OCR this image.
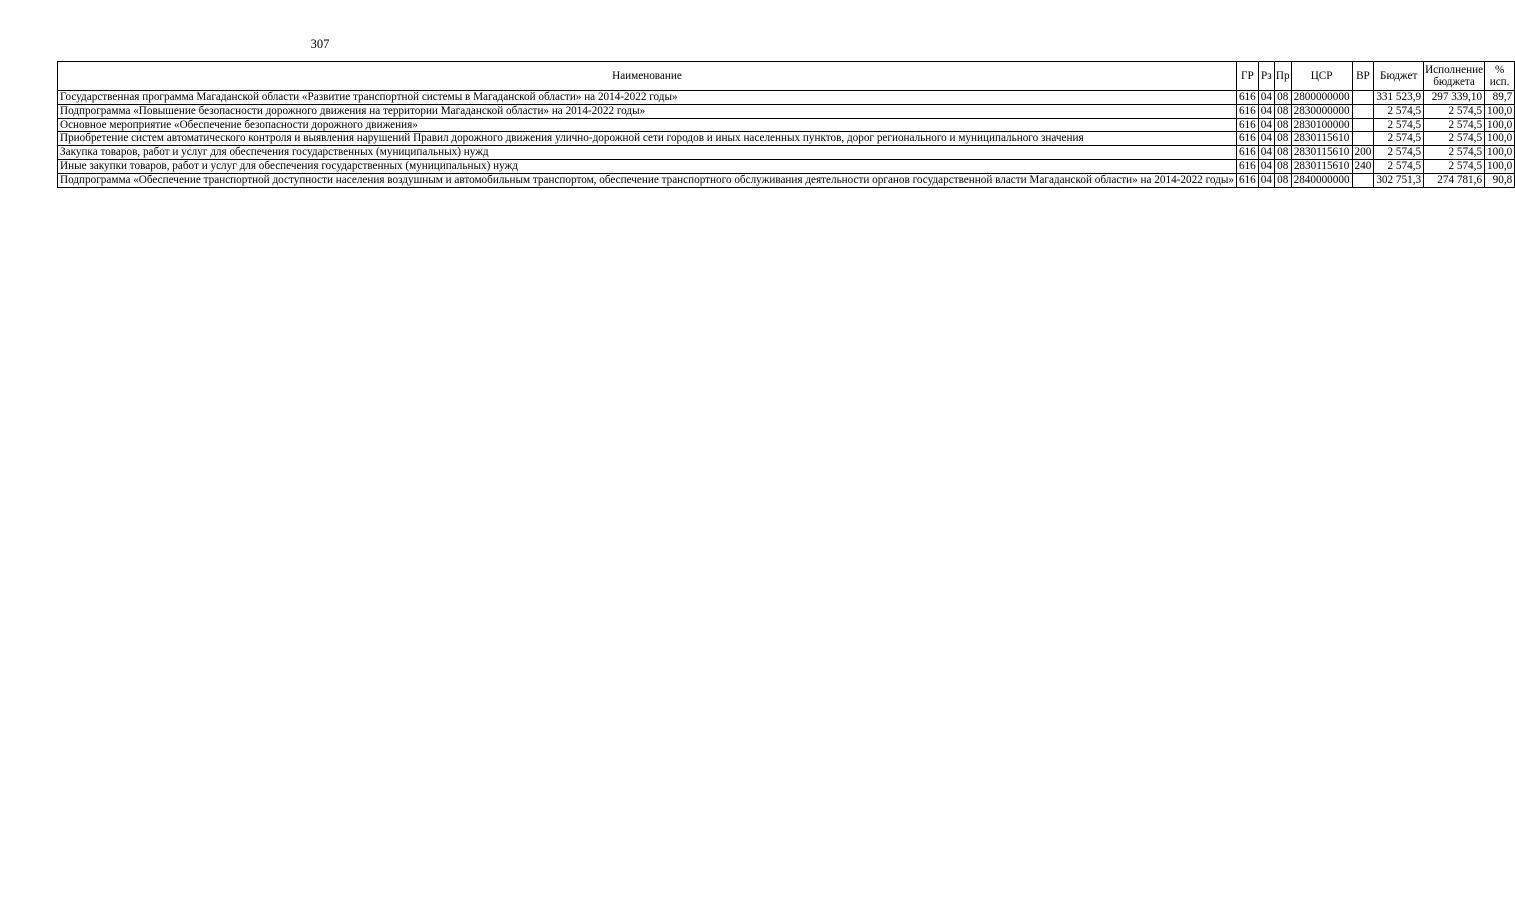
307
Наименование	ГР	Рз	Пр	ЦСР	ВР	Бюджет	Исполнение бюджета	% исп.
Государственная программа Магаданской области «Развитие транспортной системы в Магаданской области» на 2014-2022 годы»	616	04	08	2800000000		331 523,9	297 339,10	89,7
Подпрограмма «Повышение безопасности дорожного движения на территории Магаданской области» на 2014-2022 годы»	616	04	08	2830000000		2 574,5	2 574,5	100,0
Основное мероприятие «Обеспечение безопасности дорожного движения»	616	04	08	2830100000		2 574,5	2 574,5	100,0
Приобретение систем автоматического контроля и выявления нарушений Правил дорожного движения улично-дорожной сети городов и иных населенных пунктов, дорог регионального и муниципального значения	616	04	08	2830115610		2 574,5	2 574,5	100,0
Закупка товаров, работ и услуг для обеспечения государственных (муниципальных) нужд	616	04	08	2830115610	200	2 574,5	2 574,5	100,0
Иные закупки товаров, работ и услуг для обеспечения государственных (муниципальных) нужд	616	04	08	2830115610	240	2 574,5	2 574,5	100,0
Подпрограмма «Обеспечение транспортной доступности населения воздушным и автомобильным транспортом, обеспечение транспортного обслуживания деятельности органов государственной власти Магаданской области» на 2014-2022 годы»	616	04	08	2840000000		302 751,3	274 781,6	90,8
